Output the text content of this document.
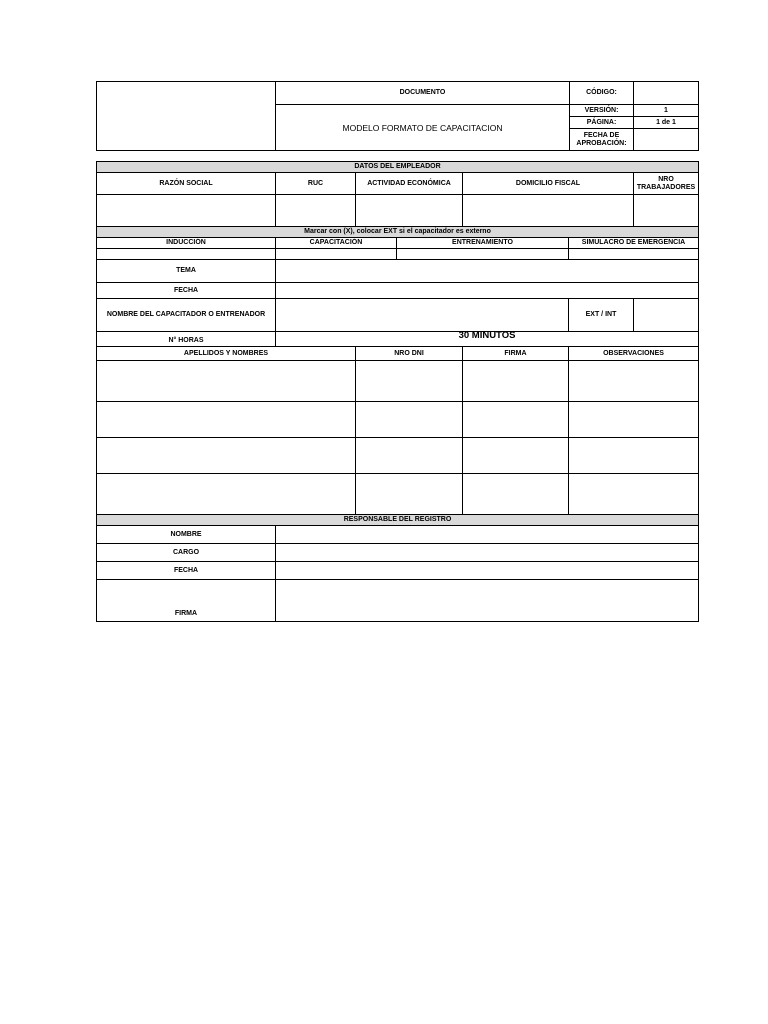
	DOCUMENTO	CÓDIGO:	
	MODELO FORMATO DE CAPACITACION	VERSIÓN:	1
		PÁGINA:	1 de 1
		FECHA DE APROBACIÓN:	
DATOS DEL EMPLEADOR						
RAZÓN SOCIAL	RUC	ACTIVIDAD ECONÓMICA		DOMICILIO FISCAL		NRO TRABAJADORES

Marcar con (X), colocar EXT si el capacitador es externo						
INDUCCIÓN	CAPACITACIÓN		ENTRENAMIENTO		SIMULACRO DE EMERGENCIA	

TEMA						
FECHA						
NOMBRE DEL CAPACITADOR O ENTRENADOR					EXT / INT	
N° HORAS	30 MINUTOS					
APELLIDOS Y NOMBRES		NRO DNI		FIRMA	OBSERVACIONES	

RESPONSABLE DEL REGISTRO						
NOMBRE						
CARGO						
FECHA						
FIRMA						
